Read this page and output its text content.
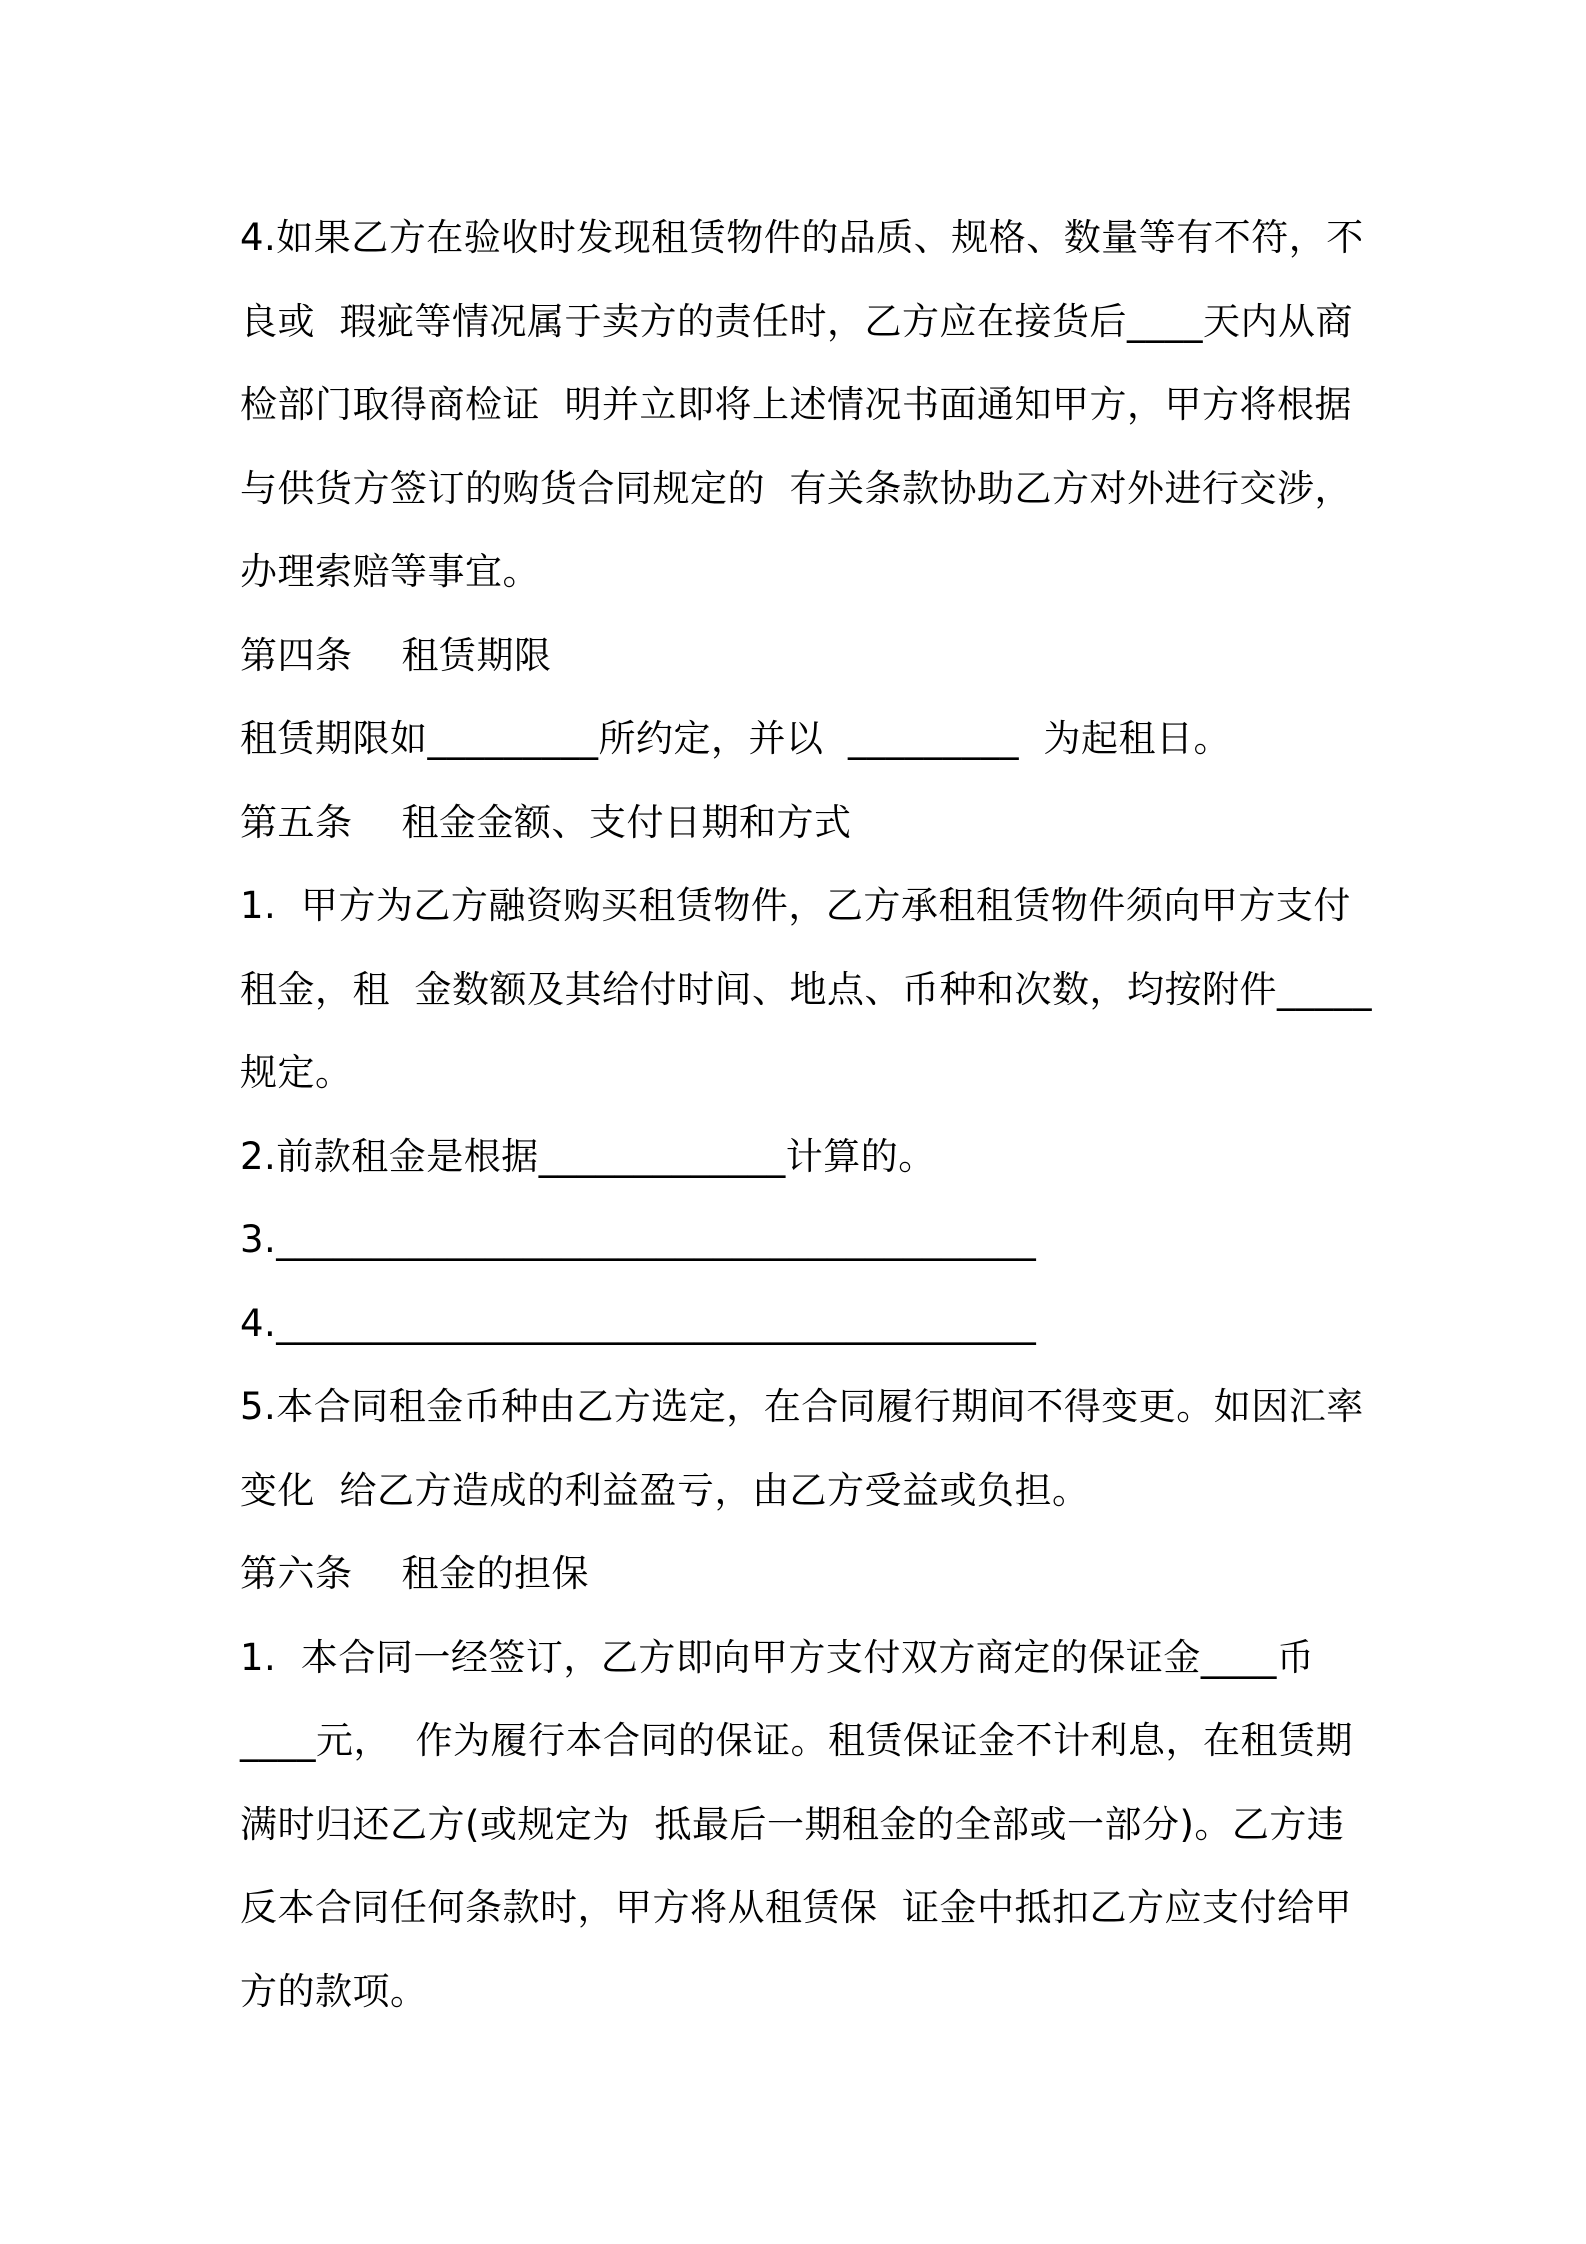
4.如果乙方在验收时发现租赁物件的品质、规格、数量等有不符，不
良或  瑕疵等情况属于卖方的责任时，乙方应在接货后____天内从商
检部门取得商检证  明并立即将上述情况书面通知甲方，甲方将根据
与供货方签订的购货合同规定的  有关条款协助乙方对外进行交涉，
办理索赔等事宜。
第四条    租赁期限
租赁期限如_________所约定，并以  _________  为起租日。
第五条    租金金额、支付日期和方式
1.  甲方为乙方融资购买租赁物件，乙方承租租赁物件须向甲方支付
租金，租  金数额及其给付时间、地点、币种和次数，均按附件_____
规定。
2.前款租金是根据_____________计算的。
3.________________________________________
4.________________________________________
5.本合同租金币种由乙方选定，在合同履行期间不得变更。如因汇率
变化  给乙方造成的利益盈亏，由乙方受益或负担。
第六条    租金的担保
1.  本合同一经签订，乙方即向甲方支付双方商定的保证金____币
____元，  作为履行本合同的保证。租赁保证金不计利息，在租赁期
满时归还乙方(或规定为  抵最后一期租金的全部或一部分)。乙方违
反本合同任何条款时，甲方将从租赁保  证金中抵扣乙方应支付给甲
方的款项。
